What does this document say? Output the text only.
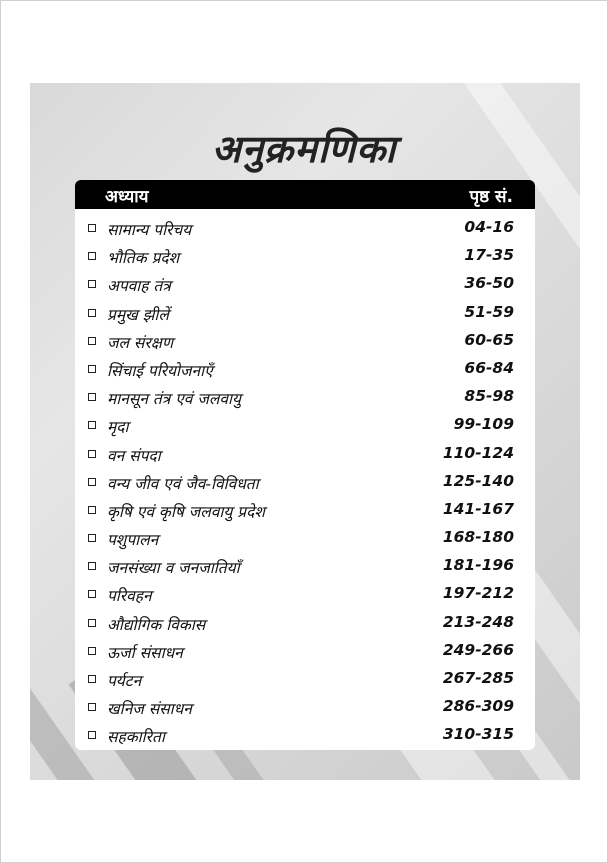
अनुक्रमणिका
अध्याय	पृष्ठ सं.
सामान्य परिचय	04-16
भौतिक प्रदेश	17-35
अपवाह तंत्र	36-50
प्रमुख झीलें	51-59
जल संरक्षण	60-65
सिंचाई परियोजनाएँ	66-84
मानसून तंत्र एवं जलवायु	85-98
मृदा	99-109
वन संपदा	110-124
वन्य जीव एवं जैव-विविधता	125-140
कृषि एवं कृषि जलवायु प्रदेश	141-167
पशुपालन	168-180
जनसंख्या व जनजातियाँ	181-196
परिवहन	197-212
औद्योगिक विकास	213-248
ऊर्जा संसाधन	249-266
पर्यटन	267-285
खनिज संसाधन	286-309
सहकारिता	310-315
